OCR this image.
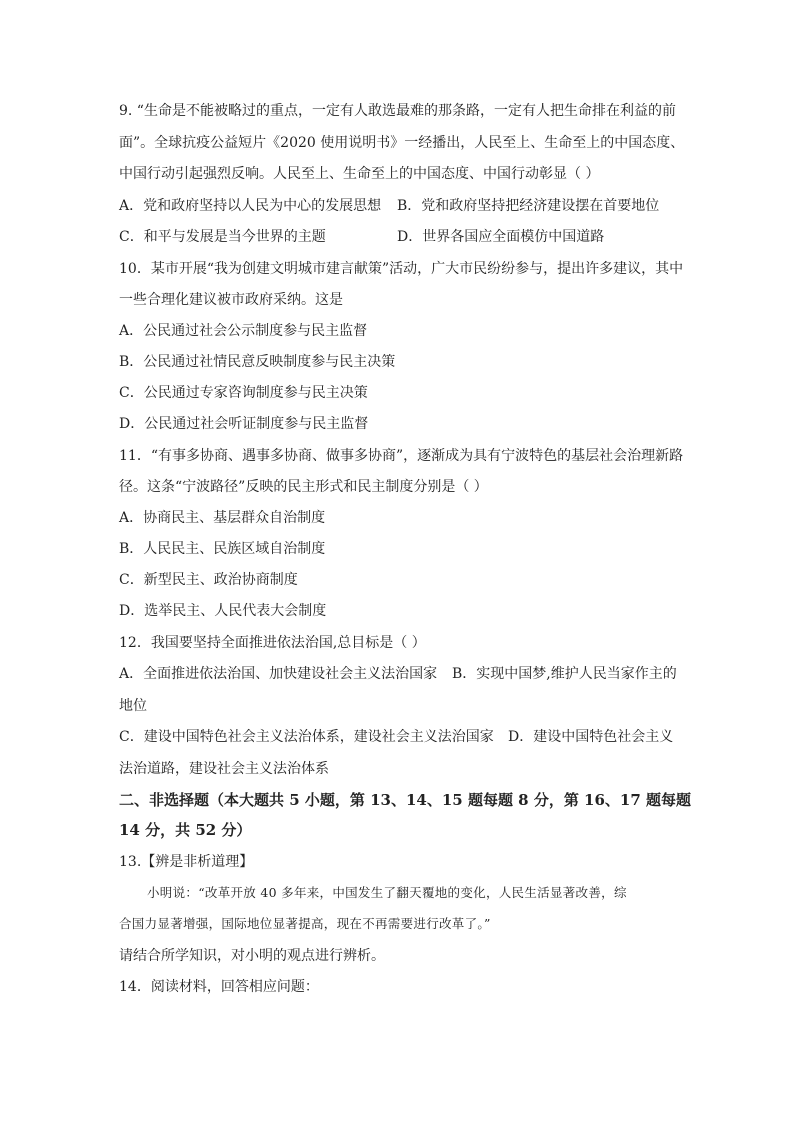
9. “生命是不能被略过的重点，一定有人敢选最难的那条路，一定有人把生命排在利益的前
面”。全球抗疫公益短片《2020 使用说明书》一经播出，人民至上、生命至上的中国态度、
中国行动引起强烈反响。人民至上、生命至上的中国态度、中国行动彰显（ ）
A．党和政府坚持以人民为中心的发展思想 B．党和政府坚持把经济建设摆在首要地位
C．和平与发展是当今世界的主题	D．世界各国应全面模仿中国道路
10．某市开展“我为创建文明城市建言献策”活动，广大市民纷纷参与，提出许多建议，其中
一些合理化建议被市政府采纳。这是
A．公民通过社会公示制度参与民主监督
B．公民通过社情民意反映制度参与民主决策
C．公民通过专家咨询制度参与民主决策
D．公民通过社会听证制度参与民主监督
11．“有事多协商、遇事多协商、做事多协商”，逐渐成为具有宁波特色的基层社会治理新路
径。这条“宁波路径”反映的民主形式和民主制度分别是（ ）
A．协商民主、基层群众自治制度
B．人民民主、民族区域自治制度
C．新型民主、政治协商制度
D．选举民主、人民代表大会制度
12．我国要坚持全面推进依法治国,总目标是（ ）
A．全面推进依法治国、加快建设社会主义法治国家 B．实现中国梦,维护人民当家作主的
地位
C．建设中国特色社会主义法治体系，建设社会主义法治国家 D．建设中国特色社会主义
法治道路，建设社会主义法治体系
二、非选择题（本大题共 5 小题，第 13、14、15 题每题 8 分，第 16、17 题每题
14 分，共 52 分）
13.【辨是非析道理】
小明说：“改革开放 40 多年来，中国发生了翻天覆地的变化，人民生活显著改善，综
合国力显著增强，国际地位显著提高，现在不再需要进行改革了。”
请结合所学知识，对小明的观点进行辨析。
14．阅读材料，回答相应问题：
